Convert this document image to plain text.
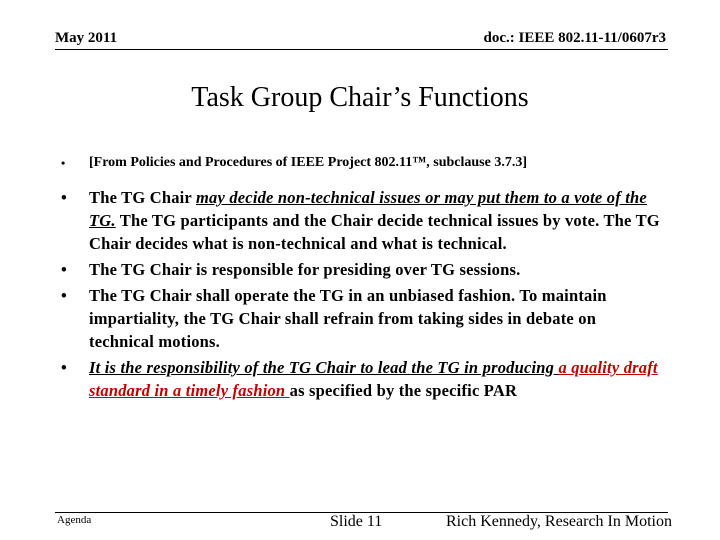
May 2011	doc.: IEEE 802.11-11/0607r3
Task Group Chair’s Functions
• [From Policies and Procedures of IEEE Project 802.11™, subclause 3.7.3]
• The TG Chair may decide non-technical issues or may put them to a vote of the TG. The TG participants and the Chair decide technical issues by vote. The TG Chair decides what is non-technical and what is technical.
• The TG Chair is responsible for presiding over TG sessions.
• The TG Chair shall operate the TG in an unbiased fashion. To maintain impartiality, the TG Chair shall refrain from taking sides in debate on technical motions.
• It is the responsibility of the TG Chair to lead the TG in producing a quality draft standard in a timely fashion as specified by the specific PAR
Agenda	Slide 11	Rich Kennedy, Research In Motion
